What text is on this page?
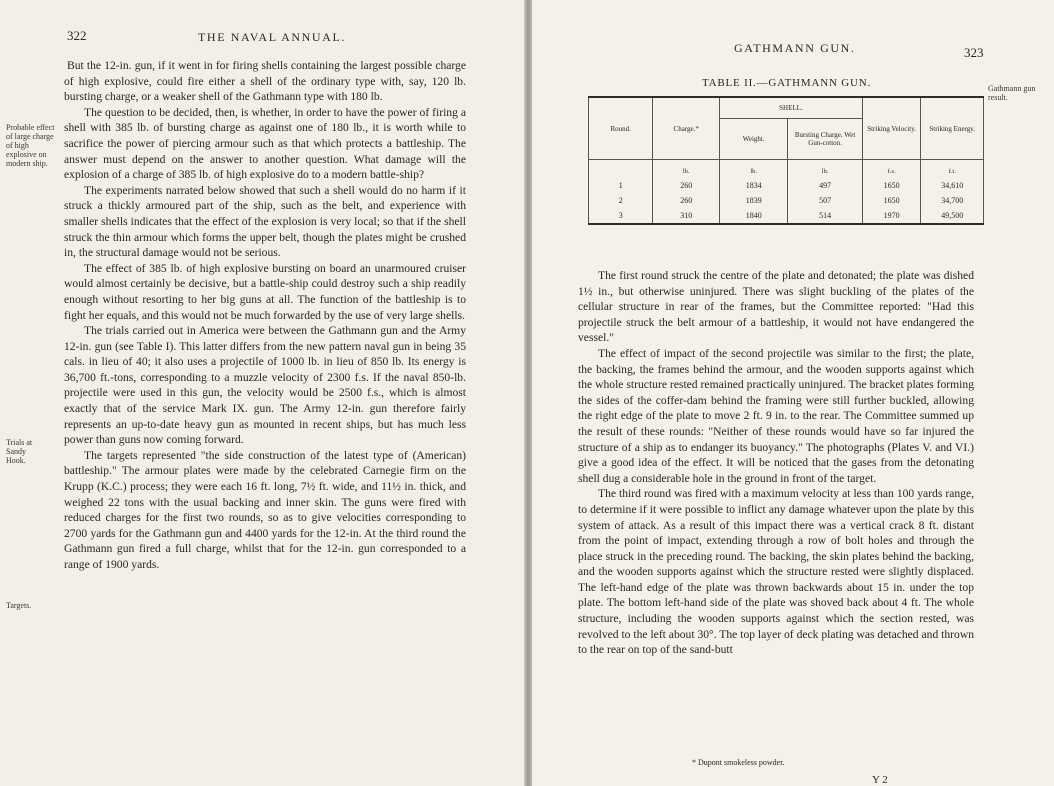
322	THE NAVAL ANNUAL.
Probable effect of large charge of high explosive on modern ship.
Trials at Sandy Hook.
Targets.

But the 12-in. gun, if it went in for firing shells containing the largest possible charge of high explosive, could fire either a shell of the ordinary type with, say, 120 lb. bursting charge, or a weaker shell of the Gathmann type with 180 lb.

The question to be decided, then, is whether, in order to have the power of firing a shell with 385 lb. of bursting charge as against one of 180 lb., it is worth while to sacrifice the power of piercing armour such as that which protects a battleship. The answer must depend on the answer to another question. What damage will the explosion of a charge of 385 lb. of high explosive do to a modern battle-ship?

The experiments narrated below showed that such a shell would do no harm if it struck a thickly armoured part of the ship, such as the belt, and experience with smaller shells indicates that the effect of the explosion is very local; so that if the shell struck the thin armour which forms the upper belt, though the plates might be crushed in, the structural damage would not be serious.

The effect of 385 lb. of high explosive bursting on board an unarmoured cruiser would almost certainly be decisive, but a battle-ship could destroy such a ship readily enough without resorting to her big guns at all. The function of the battleship is to fight her equals, and this would not be much forwarded by the use of very large shells.

The trials carried out in America were between the Gathmann gun and the Army 12-in. gun (see Table I). This latter differs from the new pattern naval gun in being 35 cals. in lieu of 40; it also uses a projectile of 1000 lb. in lieu of 850 lb. Its energy is 36,700 ft.-tons, corresponding to a muzzle velocity of 2300 f.s. If the naval 850-lb. projectile were used in this gun, the velocity would be 2500 f.s., which is almost exactly that of the service Mark IX. gun. The Army 12-in. gun therefore fairly represents an up-to-date heavy gun as mounted in recent ships, but has much less power than guns now coming forward.

The targets represented "the side construction of the latest type of (American) battleship." The armour plates were made by the celebrated Carnegie firm on the Krupp (K.C.) process; they were each 16 ft. long, 7½ ft. wide, and 11½ in. thick, and weighed 22 tons with the usual backing and inner skin. The guns were fired with reduced charges for the first two rounds, so as to give velocities corresponding to 2700 yards for the Gathmann gun and 4400 yards for the 12-in. At the third round the Gathmann gun fired a full charge, whilst that for the 12-in. gun corresponded to a range of 1900 yards.

GATHMANN GUN.	323
Gathmann gun result.
TABLE II.—GATHMANN GUN.
Round.	Charge.*	SHELL.		Striking Velocity.	Striking Energy.
		Weight.	Bursting Charge. Wet Gun-cotton.		
	lb.	lb.	lb.	f.s.	f.t.
1	260	1834	497	1650	34,610
2	260	1839	507	1650	34,700
3	310	1840	514	1970	49,500

The first round struck the centre of the plate and detonated; the plate was dished 1½ in., but otherwise uninjured. There was slight buckling of the plates of the cellular structure in rear of the frames, but the Committee reported: "Had this projectile struck the belt armour of a battleship, it would not have endangered the vessel."

The effect of impact of the second projectile was similar to the first; the plate, the backing, the frames behind the armour, and the wooden supports against which the whole structure rested remained practically uninjured. The bracket plates forming the sides of the coffer-dam behind the framing were still further buckled, allowing the right edge of the plate to move 2 ft. 9 in. to the rear. The Committee summed up the result of these rounds: "Neither of these rounds would have so far injured the structure of a ship as to endanger its buoyancy." The photographs (Plates V. and VI.) give a good idea of the effect. It will be noticed that the gases from the detonating shell dug a considerable hole in the ground in front of the target.

The third round was fired with a maximum velocity at less than 100 yards range, to determine if it were possible to inflict any damage whatever upon the plate by this system of attack. As a result of this impact there was a vertical crack 8 ft. distant from the point of impact, extending through a row of bolt holes and through the place struck in the preceding round. The backing, the skin plates behind the backing, and the wooden supports against which the structure rested were slightly displaced. The left-hand edge of the plate was thrown backwards about 15 in. under the top plate. The bottom left-hand side of the plate was shoved back about 4 ft. The whole structure, including the wooden supports against which the section rested, was revolved to the left about 30°. The top layer of deck plating was detached and thrown to the rear on top of the sand-butt

* Dupont smokeless powder.
Y 2
